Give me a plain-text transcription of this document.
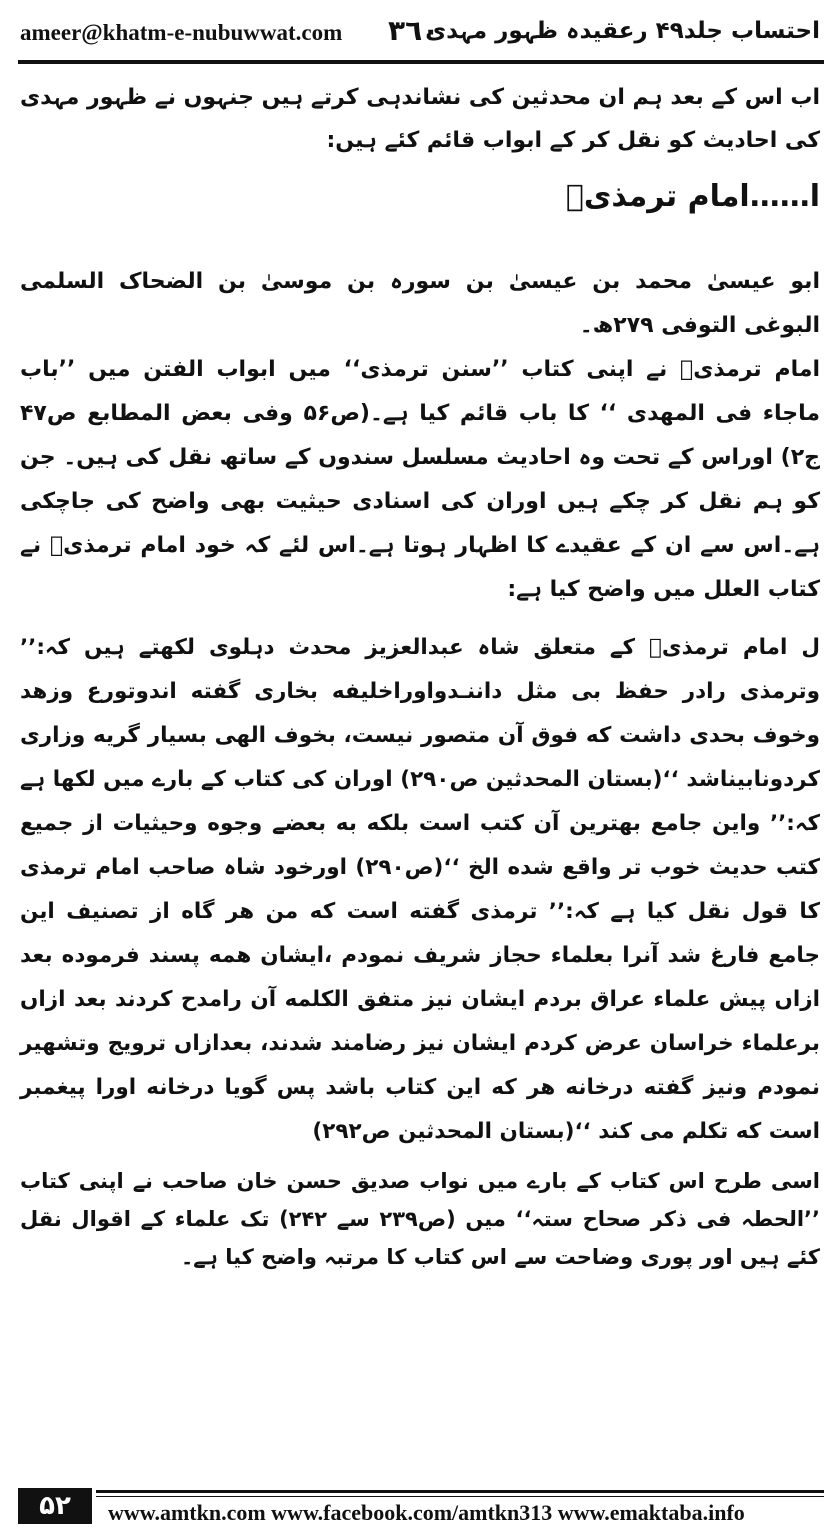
ameer@khatm-e-nubuwwat.com ٣٦٠
احتساب جلد۴۹ رعقیدہ ظہور مہدی

اب اس کے بعد ہم ان محدثین کی نشاندہی کرتے ہیں جنہوں نے ظہور مہدی کی احادیث کو نقل کر کے ابواب قائم کئے ہیں:

ا……امام ترمذیؒ

ابو عیسیٰ محمد بن عیسیٰ بن سورہ بن موسیٰ بن الضحاک السلمی البوغی التوفی ۲۷۹ھ۔

امام ترمذیؒ نے اپنی کتاب ’’سنن ترمذی‘‘ میں ابواب الفتن میں ’’باب ماجاء فی المھدی ‘‘ کا باب قائم کیا ہے۔(ص۵۶ وفی بعض المطابع ص۴۷ ج۲) اوراس کے تحت وہ احادیث مسلسل سندوں کے ساتھ نقل کی ہیں۔ جن کو ہم نقل کر چکے ہیں اوران کی اسنادی حیثیت بھی واضح کی جاچکی ہے۔اس سے ان کے عقیدے کا اظہار ہوتا ہے۔اس لئے کہ خود امام ترمذیؒ نے کتاب العلل میں واضح کیا ہے:

ل امام ترمذیؒ کے متعلق شاہ عبدالعزیز محدث دہلوی لکھتے ہیں کہ:’’ وترمذی رادر حفظ بی مثل داننـدواوراخلیفه بخاری گفته اندوتورع وزهد وخوف بحدی داشت که فوق آن متصور نیست، بخوف الهی بسیار گریه وزاری کردونابیناشد ‘‘(بستان المحدثین ص۲۹۰) اوران کی کتاب کے بارے میں لکھا ہے کہ:’’ واین جامع بهترین آن کتب است بلکه به بعضے وجوه وحیثیات از جمیع کتب حدیث خوب تر واقع شده الخ ‘‘(ص۲۹۰) اورخود شاہ صاحب امام ترمذی کا قول نقل کیا ہے کہ:’’ ترمذی گفته است که من هر گاه از تصنیف این جامع فارغ شد آنرا بعلماء حجاز شریف نمودم ،ایشان همه پسند فرموده بعد ازاں پیش علماء عراق بردم ایشان نیز متفق الکلمه آن رامدح کردند بعد ازاں برعلماء خراسان عرض کردم ایشان نیز رضامند شدند، بعدازاں ترویج وتشهیر نمودم ونیز گفته درخانه هر که این کتاب باشد پس گویا درخانه اورا پیغمبر است که تکلم می کند ‘‘(بستان المحدثین ص۲۹۲)

اسی طرح اس کتاب کے بارے میں نواب صدیق حسن خان صاحب نے اپنی کتاب ’’الحطہ فی ذکر صحاح ستہ‘‘ میں (ص۲۳۹ سے ۲۴۲) تک علماء کے اقوال نقل کئے ہیں اور پوری وضاحت سے اس کتاب کا مرتبہ واضح کیا ہے۔

۵۲	www.amtkn.com www.facebook.com/amtkn313 www.emaktaba.info
